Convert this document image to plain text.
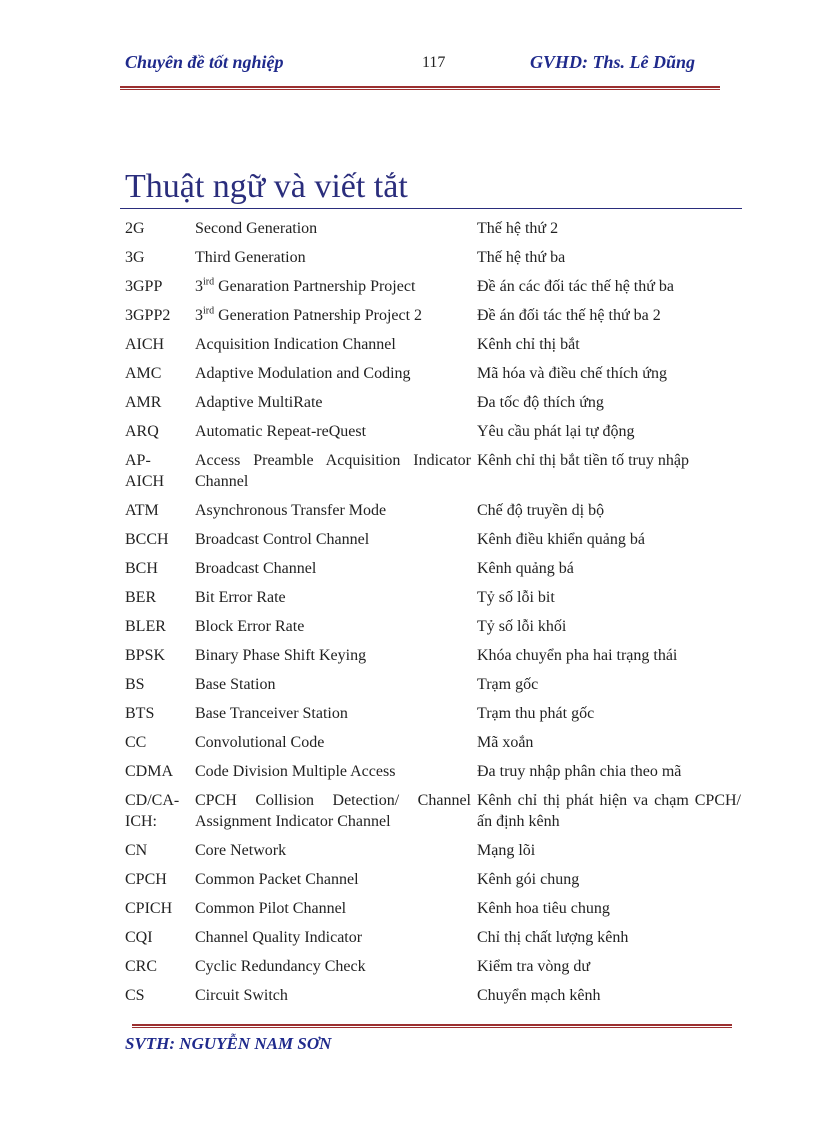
Chuyên đề tốt nghiệp	117	GVHD: Ths. Lê Dũng
Thuật ngữ và viết tắt
2G	Second Generation	Thế hệ thứ 2
3G	Third Generation	Thế hệ thứ ba
3GPP	$3^{ird}$ Genaration Partnership Project	Đề án các đối tác thế hệ thứ ba
3GPP2	$3^{ird}$ Generation Patnership Project 2	Đề án đối tác thế hệ thứ ba 2
AICH	Acquisition Indication Channel	Kênh chỉ thị bắt
AMC	Adaptive Modulation and Coding	Mã hóa và điều chế thích ứng
AMR	Adaptive MultiRate	Đa tốc độ thích ứng
ARQ	Automatic Repeat-reQuest	Yêu cầu phát lại tự động
AP-AICH	Access Preamble Acquisition Indicator Channel	Kênh chỉ thị bắt tiền tố truy nhập
ATM	Asynchronous Transfer Mode	Chế độ truyền dị bộ
BCCH	Broadcast Control Channel	Kênh điều khiển quảng bá
BCH	Broadcast Channel	Kênh quảng bá
BER	Bit Error Rate	Tỷ số lỗi bit
BLER	Block Error Rate	Tỷ số lỗi khối
BPSK	Binary Phase Shift Keying	Khóa chuyển pha hai trạng thái
BS	Base Station	Trạm gốc
BTS	Base Tranceiver Station	Trạm thu phát gốc
CC	Convolutional Code	Mã xoắn
CDMA	Code Division Multiple Access	Đa truy nhập phân chia theo mã
CD/CA-ICH:	CPCH Collision Detection/ Channel Assignment Indicator Channel	Kênh chỉ thị phát hiện va chạm CPCH/ấn định kênh
CN	Core Network	Mạng lõi
CPCH	Common Packet Channel	Kênh gói chung
CPICH	Common Pilot Channel	Kênh hoa tiêu chung
CQI	Channel Quality Indicator	Chỉ thị chất lượng kênh
CRC	Cyclic Redundancy Check	Kiểm tra vòng dư
CS	Circuit Switch	Chuyển mạch kênh
SVTH: NGUYỄN NAM SƠN
